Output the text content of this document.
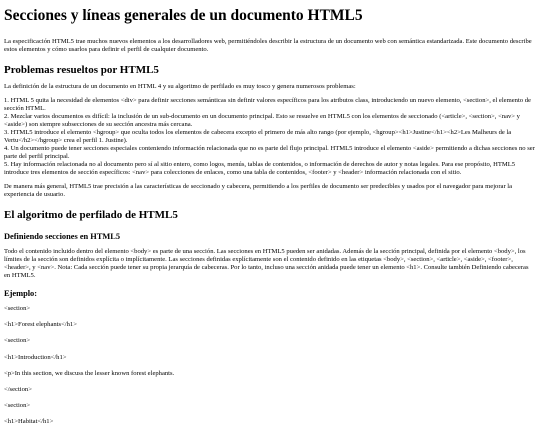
Secciones y líneas generales de un documento HTML5

La especificación HTML5 trae muchos nuevos elementos a los desarrolladores web, permitiéndoles describir la estructura de un documento web con semántica estandarizada. Este documento describe estos elementos y cómo usarlos para definir el perfil de cualquier documento.

Problemas resueltos por HTML5

La definición de la estructura de un documento en HTML 4 y su algoritmo de perfilado es muy tosco y genera numerosos problemas:

1. HTML 5 quita la necesidad de elementos <div> para definir secciones semánticas sin definir valores específicos para los atributos class, introduciendo un nuevo elemento, <section>, el elemento de sección HTML.

2. Mezclar varios documentos es difícil: la inclusión de un sub-documento en un documento principal. Esto se resuelve en HTML5 con los elementos de seccionado (<article>, <section>, <nav> y <aside>) son siempre subsecciones de su sección ancestra más cercana.

3. HTML5 introduce el elemento <hgroup> que oculta todos los elementos de cabecera excepto el primero de más alto rango (por ejemplo, <hgroup><h1>Justine</h1><h2>Les Malheurs de la Vertu</h2></hgroup> crea el perfil 1. Justine).

4. Un documento puede tener secciones especiales conteniendo información relacionada que no es parte del flujo principal. HTML5 introduce el elemento <aside> permitiendo a dichas secciones no ser parte del perfil principal.

5. Hay información relacionada no al documento pero sí al sitio entero, como logos, menús, tablas de contenidos, o información de derechos de autor y notas legales. Para ese propósito, HTML5 introduce tres elementos de sección específicos: <nav> para colecciones de enlaces, como una tabla de contenidos, <footer> y <header> información relacionada con el sitio.

De manera más general, HTML5 trae precisión a las características de seccionado y cabecera, permitiendo a los perfiles de documento ser predecibles y usados por el navegador para mejorar la experiencia de usuario.

El algoritmo de perfilado de HTML5
Definiendo secciones en HTML5

Todo el contenido incluido dentro del elemento <body> es parte de una sección. Las secciones en HTML5 pueden ser anidadas. Además de la sección principal, definida por el elemento <body>, los límites de la sección son definidos explícita o implícitamente. Las secciones definidas explícitamente son el contenido definido en las etiquetas <body>, <section>, <article>, <aside>, <footer>, <header>, y <nav>. Nota: Cada sección puede tener su propia jerarquía de cabeceras. Por lo tanto, incluso una sección anidada puede tener un elemento <h1>. Consulte también Definiendo cabeceras en HTML5.

Ejemplo:

<section>

<h1>Forest elephants</h1>

<section>

<h1>Introduction</h1>

<p>In this section, we discuss the lesser known forest elephants.

</section>

<section>

<h1>Habitat</h1>
